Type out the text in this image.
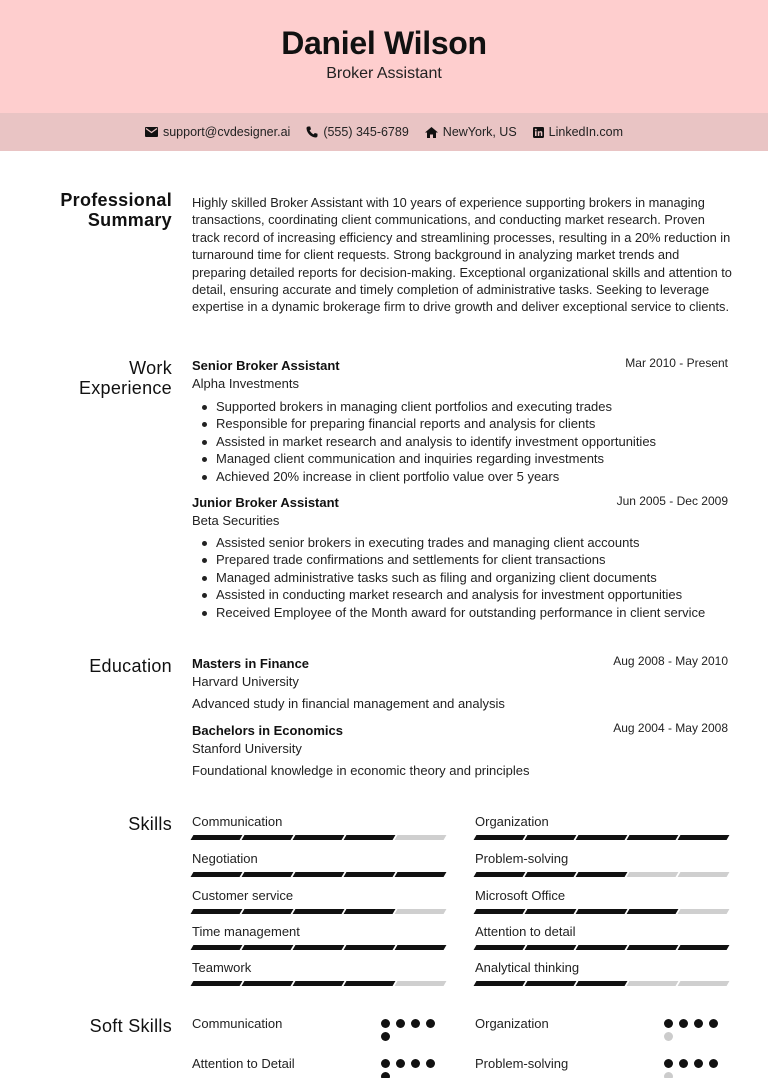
Daniel Wilson
Broker Assistant
support@cvdesigner.ai	(555) 345-6789	NewYork, US	LinkedIn.com
Professional
Summary
Highly skilled Broker Assistant with 10 years of experience supporting brokers in managing transactions, coordinating client communications, and conducting market research. Proven track record of increasing efficiency and streamlining processes, resulting in a 20% reduction in turnaround time for client requests. Strong background in analyzing market trends and preparing detailed reports for decision-making. Exceptional organizational skills and attention to detail, ensuring accurate and timely completion of administrative tasks. Seeking to leverage expertise in a dynamic brokerage firm to drive growth and deliver exceptional service to clients.
Work
Experience
Senior Broker Assistant	Mar 2010 - Present
Alpha Investments
Supported brokers in managing client portfolios and executing trades
Responsible for preparing financial reports and analysis for clients
Assisted in market research and analysis to identify investment opportunities
Managed client communication and inquiries regarding investments
Achieved 20% increase in client portfolio value over 5 years
Junior Broker Assistant	Jun 2005 - Dec 2009
Beta Securities
Assisted senior brokers in executing trades and managing client accounts
Prepared trade confirmations and settlements for client transactions
Managed administrative tasks such as filing and organizing client documents
Assisted in conducting market research and analysis for investment opportunities
Received Employee of the Month award for outstanding performance in client service
Education Masters in Finance	Aug 2008 - May 2010
Harvard University
Advanced study in financial management and analysis
Bachelors in Economics	Aug 2004 - May 2008
Stanford University
Foundational knowledge in economic theory and principles
Skills Communication	Organization
Negotiation	Problem-solving
Customer service	Microsoft Office
Time management	Attention to detail
Teamwork	Analytical thinking
Soft Skills Communication	Organization
Attention to Detail	Problem-solving
